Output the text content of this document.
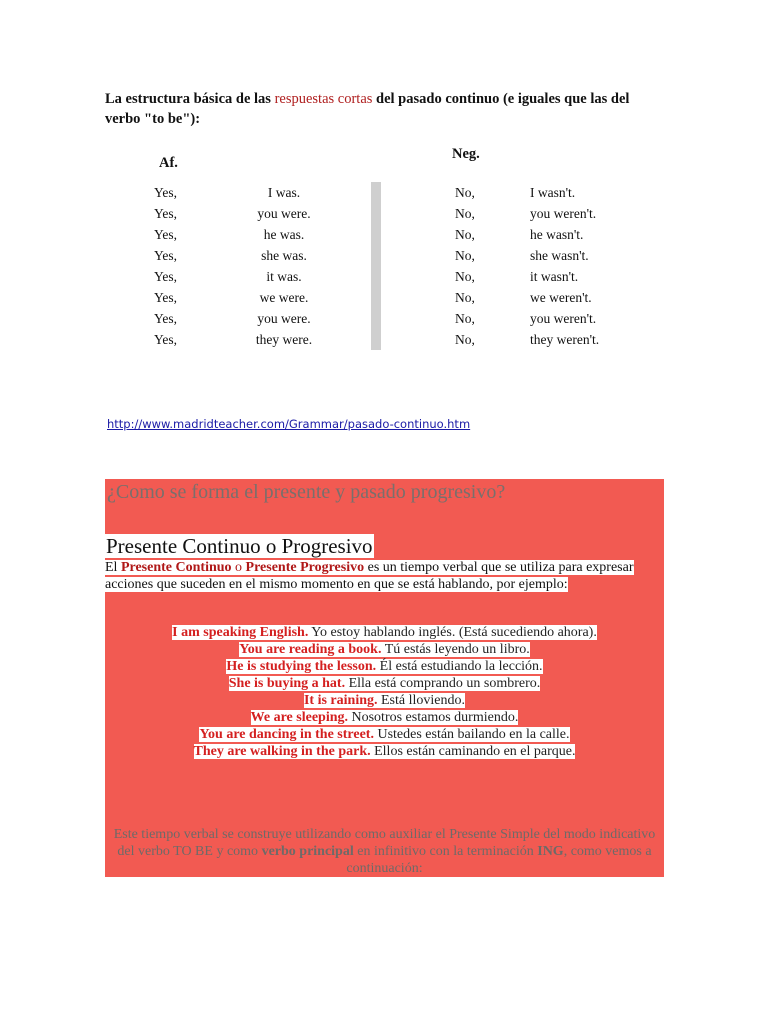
La estructura básica de las respuestas cortas del pasado continuo (e iguales que las del verbo "to be"):

Af.
Neg.
Yes,	I was.	No,	I wasn't.
Yes,	you were.	No,	you weren't.
Yes,	he was.	No,	he wasn't.
Yes,	she was.	No,	she wasn't.
Yes,	it was.	No,	it wasn't.
Yes,	we were.	No,	we weren't.
Yes,	you were.	No,	you weren't.
Yes,	they were.	No,	they weren't.
http://www.madridteacher.com/Grammar/pasado-continuo.htm
¿Como se forma el presente y pasado progresivo?
Presente Continuo o Progresivo

El Presente Continuo o Presente Progresivo es un tiempo verbal que se utiliza para expresar acciones que suceden en el mismo momento en que se está hablando, por ejemplo:

I am speaking English. Yo estoy hablando inglés. (Está sucediendo ahora).
You are reading a book. Tú estás leyendo un libro.
He is studying the lesson. Él está estudiando la lección.
She is buying a hat. Ella está comprando un sombrero.
It is raining. Está lloviendo.
We are sleeping. Nosotros estamos durmiendo.
You are dancing in the street. Ustedes están bailando en la calle.
They are walking in the park. Ellos están caminando en el parque.

Este tiempo verbal se construye utilizando como auxiliar el Presente Simple del modo indicativo del verbo TO BE y como verbo principal en infinitivo con la terminación ING, como vemos a continuación:
